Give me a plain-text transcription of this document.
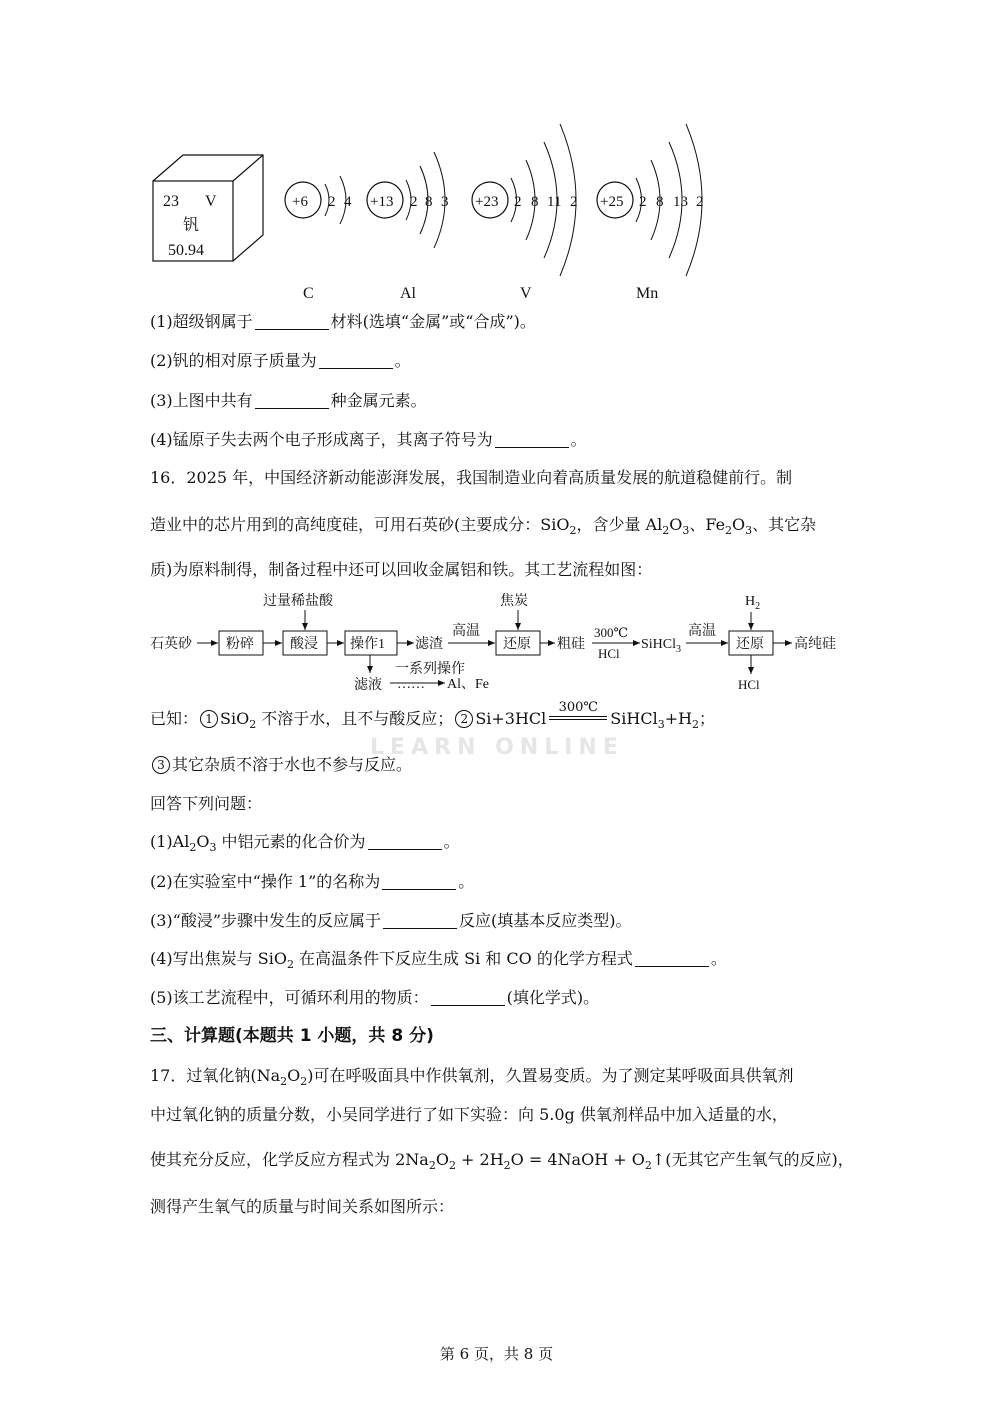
23 V
钒
50.94
+6 2 4
C
+13 2 8 3
Al
+23 2 8 11 2
V
+25 2 8 13 2
Mn
(1)超级钢属于	材料(选填“金属”或“合成”)。
(2)钒的相对原子质量为	。
(3)上图中共有	种金属元素。
(4)锰原子失去两个电子形成离子，其离子符号为	。
16．2025 年，中国经济新动能澎湃发展，我国制造业向着高质量发展的航道稳健前行。制
造业中的芯片用到的高纯度硅，可用石英砂(主要成分：SiO$_2$，含少量 $Al_2O_3$、$Fe_2O_3$、其它杂
质)为原料制得，制备过程中还可以回收金属铝和铁。其工艺流程如图：
石英砂 粉碎	酸浸
过量稀盐酸
操作1 滤渣
高温
还原
焦炭
粗硅
300℃
HCl
SiHCl$_3$
高温
还原
$H_2$
高纯硅
HCl
滤液
一系列操作
…… Al、Fe
LEARN ONLINE
已知： 1 SiO$_2$ 不溶于水，且不与酸反应； 2 Si+3HCl
300℃
$SiHCl_3+H_2$；
3 其它杂质不溶于水也不参与反应。
回答下列问题：
$(1)Al_2O_3$ 中铝元素的化合价为	。
(2)在实验室中“操作 1”的名称为	。
(3)“酸浸”步骤中发生的反应属于	反应(填基本反应类型)。
(4)写出焦炭与 SiO$_2$ 在高温条件下反应生成 Si 和 CO 的化学方程式	。
(5)该工艺流程中，可循环利用的物质：	(填化学式)。
三、计算题(本题共 1 小题，共 8 分)
17．过氧化钠$(Na_2O_2)$可在呼吸面具中作供氧剂，久置易变质。为了测定某呼吸面具供氧剂
中过氧化钠的质量分数，小吴同学进行了如下实验：向 5.0g 供氧剂样品中加入适量的水，
使其充分反应，化学反应方程式为 $2Na_2O_2 + 2H_2O$ = 4NaOH + $O_2↑$(无其它产生氧气的反应)，
测得产生氧气的质量与时间关系如图所示：
第 6 页，共 8 页
